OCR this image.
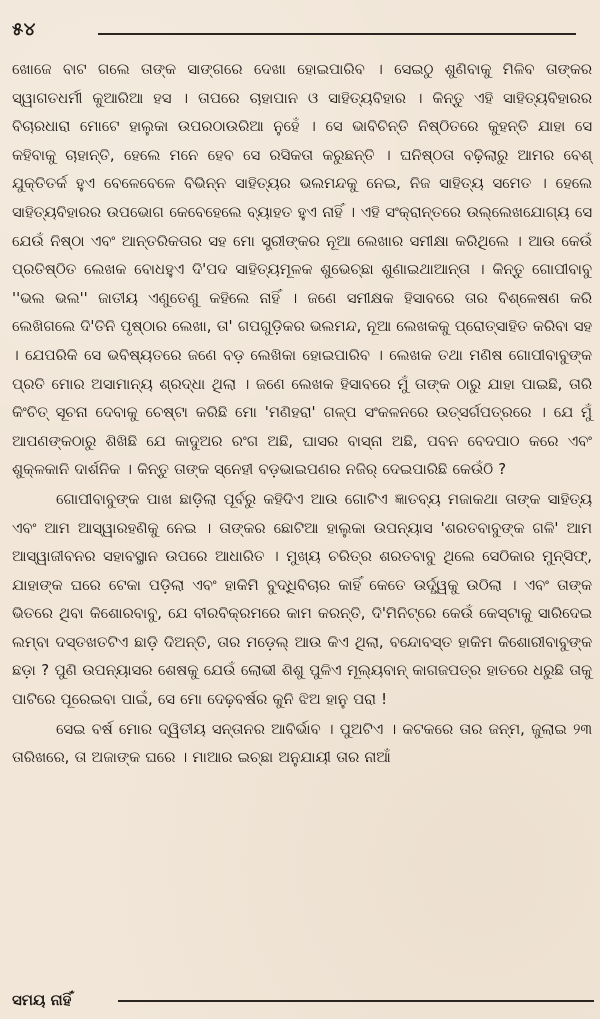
୫୪

ଖୋଜେ ବାଟ ଗଲେ ତାଙ୍କ ସାଙ୍ଗରେ ଦେଖା ହୋଇପାରିବ । ସେଇଠୁ ଶୁଣିବାକୁ ମିଳିବ ତାଙ୍କର ସ୍ୱାଗତଧର୍ମୀ କୁଆରିଆ ହସ । ତାପରେ ଚାହାପାନ ଓ ସାହିତ୍ୟବିହାର । କିନ୍ତୁ ଏହି ସାହିତ୍ୟବିହାରର ବିଚାରଧାରା ମୋଟେ ହାଲୁକା ଉପରଠାଉରିଆ ନୁହେଁ । ସେ ଭାବିଚିନ୍ତି ନିଷ୍ଠିତରେ କୁହନ୍ତି ଯାହା ସେ କହିବାକୁ ଚାହାନ୍ତି, ହେଲେ ମନେ ହେବ ସେ ରସିକତା କରୁଛନ୍ତି । ଘନିଷ୍ଠତା ବଢ଼ିଲାରୁ ଆମର ବେଶ୍ ଯୁକ୍ତିତର୍କ ହୁଏ ବେଳେବେଳେ ବିଭିନ୍ନ ସାହିତ୍ୟର ଭଲମନ୍ଦକୁ ନେଇ, ନିଜ ସାହିତ୍ୟ ସମେତ । ହେଲେ ସାହିତ୍ୟବିହାରର ଉପଭୋଗ କେବେହେଲେ ବ୍ୟାହତ ହୁଏ ନାହିଁ । ଏହି ସଂକ୍ରାନ୍ତରେ ଉଲ୍ଲେଖଯୋଗ୍ୟ ସେ ଯେଉଁ ନିଷ୍ଠା ଏବଂ ଆନ୍ତରିକତାର ସହ ମୋ ସ୍ତ୍ରୀଙ୍କର ନୂଆ ଲେଖାର ସମୀକ୍ଷା କରିଥିଲେ । ଆଉ କେଉଁ ପ୍ରତିଷ୍ଠିତ ଲେଖକ ବୋଧହୁଏ ଦି'ପଦ ସାହିତ୍ୟମୂଳକ ଶୁଭେଚ୍ଛା ଶୁଣାଇଥାଆନ୍ତା । କିନ୍ତୁ ଗୋପୀବାବୁ ''ଭଲ ଭଲ'' ଜାତୀୟ ଏଣୁତେଣୁ କହିଲେ ନାହିଁ । ଜଣେ ସମୀକ୍ଷକ ହିସାବରେ ତାର ବିଶ୍ଳେଷଣ କରି ଲେଖିଗଲେ ଦି'ତିନି ପୃଷ୍ଠାର ଲେଖା, ତା' ଗପଗୁଡ଼ିକର ଭଲମନ୍ଦ, ନୂଆ ଲେଖକକୁ ପ୍ରୋତ୍ସାହିତ କରିବା ସହ । ଯେପରିକି ସେ ଭବିଷ୍ୟତରେ ଜଣେ ବଡ଼ ଲେଖିକା ହୋଇପାରିବ । ଲେଖକ ତଥା ମଣିଷ ଗୋପୀବାବୁଙ୍କ ପ୍ରତି ମୋର ଅସାମାନ୍ୟ ଶ୍ରଦ୍ଧା ଥିଲା । ଜଣେ ଲେଖକ ହିସାବରେ ମୁଁ ତାଙ୍କ ଠାରୁ ଯାହା ପାଇଛି, ତାରି କିଂଚିତ୍ ସୂଚନା ଦେବାକୁ ଚେଷ୍ଟା କରିଛି ମୋ 'ମଣିହରା' ଗଳ୍ପ ସଂକଳନରେ ଉତ୍ସର୍ଗପତ୍ରରେ । ଯେ ମୁଁ ଆପଣଙ୍କଠାରୁ ଶିଖିଛି ଯେ କାଦୁଅର ରଂଗ ଅଛି, ଘାସର ବାସ୍ନା ଅଛି, ପବନ ବେଦପାଠ କରେ ଏବଂ ଶୁକ୍ଳକାନି ଦାର୍ଶନିକ । କିନ୍ତୁ ତାଙ୍କ ସ୍ନେହୀ ବଡ଼ଭାଇପଣର ନଜିର୍ ଦେଇପାରିଛି କେଉଁଠି ?

ଗୋପୀବାବୁଙ୍କ ପାଖ ଛାଡ଼ିଲା ପୂର୍ବରୁ କହିଦିଏ ଆଉ ଗୋଟିଏ ଜ୍ଞାତବ୍ୟ ମଜାକଥା ତାଙ୍କ ସାହିତ୍ୟ ଏବଂ ଆମ ଆସ୍ୱାରହଣିକୁ ନେଇ । ତାଙ୍କର ଛୋଟିଆ ହାଲୁକା ଉପନ୍ୟାସ 'ଶରତବାବୁଙ୍କ ଗଳି' ଆମ ଆସ୍ୱାଜୀବନର ସହାବସ୍ଥାନ ଉପରେ ଆଧାରିତ । ମୁଖ୍ୟ ଚରିତ୍ର ଶରତବାବୁ ଥିଲେ ସେଠିକାର ମୁନ୍‌ସିଫ୍, ଯାହାଙ୍କ ଘରେ ଟେକା ପଡ଼ିଲା ଏବଂ ହାକିମି ବୁଦ୍ଧିବିଚାର କାହିଁ କେତେ ଉର୍ଦ୍ଧ୍ୱକୁ ଉଠିଲା । ଏବଂ ତାଙ୍କ ଭିତରେ ଥିବା କିଶୋରବାବୁ, ଯେ ବୀରବିକ୍ରମରେ କାମ କରନ୍ତି, ଦି'ମିନିଟ୍‌ରେ କେଉଁ କେସ୍‌ଟାକୁ ସାରିଦେଇ ଲମ୍ବା ଦସ୍ତଖତଟିଏ ଛାଡ଼ି ଦିଅନ୍ତି, ତାର ମଡ଼େଲ୍ ଆଉ କିଏ ଥିଲା, ବନ୍ଦୋବସ୍ତ ହାକିମ କିଶୋରୀବାବୁଙ୍କ ଛଡ଼ା ? ପୁଣି ଉପନ୍ୟାସର ଶେଷକୁ ଯେଉଁ ଲୋଭୀ ଶିଶୁ ପୁଳିଏ ମୂଲ୍ୟବାନ୍ କାଗଜପତ୍ର ହାତରେ ଧରୁଛି ତାକୁ ପାଟିରେ ପୂରେଇବା ପାଇଁ, ସେ ମୋ ଦେଢ଼ବର୍ଷର କୁନି ଝିଅ ହାନୁ ପରା !

ସେଇ ବର୍ଷ ମୋର ଦ୍ୱିତୀୟ ସନ୍ତାନର ଆବିର୍ଭାବ । ପୁଅଟିଏ । କଟକରେ ତାର ଜନ୍ମ, ଜୁଲାଇ ୨୩ ତାରିଖରେ, ତା ଅଜାଙ୍କ ଘରେ । ମାଆର ଇଚ୍ଛା ଅନୁଯାୟୀ ତାର ନାଆଁ

ସମୟ ନାହିଁ
